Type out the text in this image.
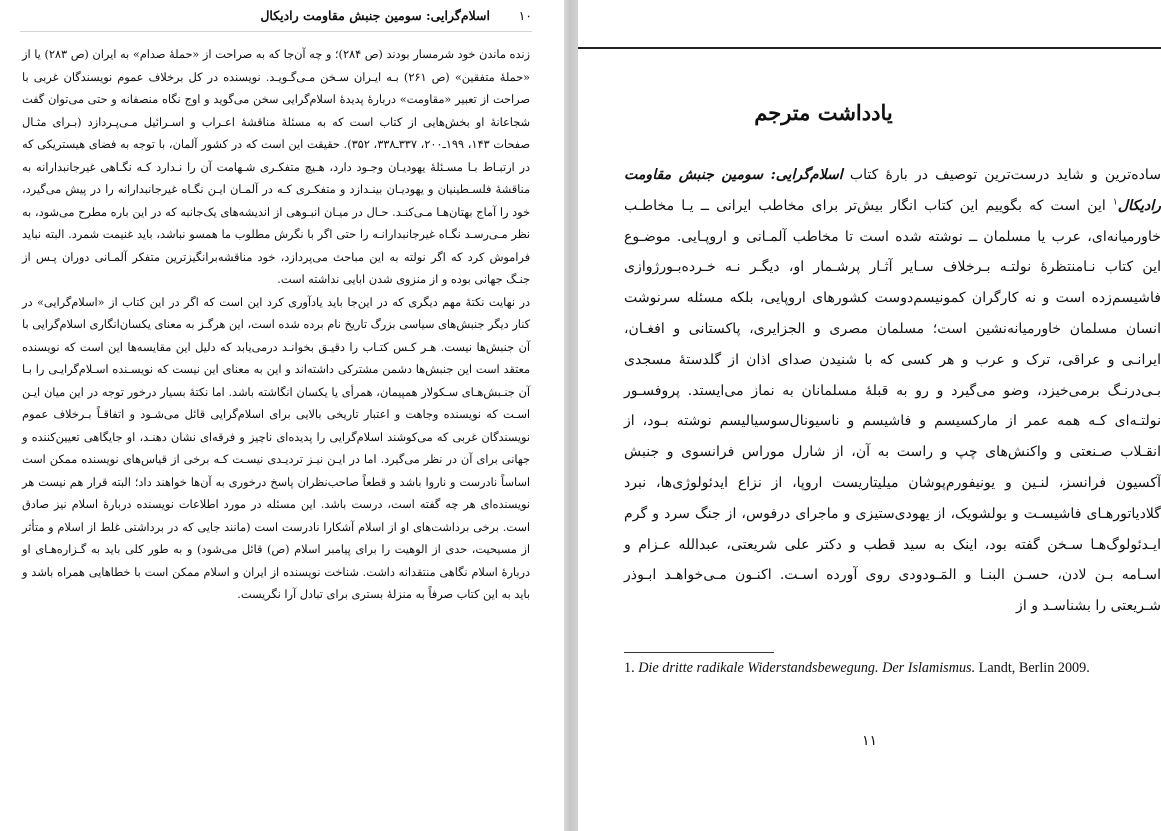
۱۰
اسلام‌گرایی: سومین جنبش مقاومت رادیکال

زنده ماندن خود شرمسار بودند (ص ۲۸۴)؛ و چه آن‌جا که به صراحت از «حملهٔ صدام» به ایران (ص ۲۸۳) یا از «حملهٔ متفقین» (ص ۲۶۱) بـه ایـران سـخن مـی‌گـویـد. نویسنده در کل برخلاف عموم نویسندگان غربی با صراحت از تعبیر «مقاومت» دربارهٔ پدیدهٔ اسلام‌گرایی سخن می‌گوید و اوج نگاه منصفانه و حتی می‌توان گفت شجاعانهٔ او بخش‌هایی از کتاب است که به مسئلهٔ مناقشهٔ اعـراب و اسـرائیل مـی‌پـردازد (بـرای مثـال صفحات ۱۴۳، ۱۹۹ـ۲۰۰، ۳۳۷ـ۳۳۸، ۳۵۲). حقیقت این است که در کشور آلمان، با توجه به فضای هیستریکی که در ارتبـاط بـا مسـئلهٔ یهودیـان وجـود دارد، هـیچ متفکـری شـهامت آن را نـدارد کـه نگـاهی غیرجانبدارانه به مناقشهٔ فلسـطینیان و یهودیـان بینـدازد و متفکـری کـه در آلمـان ایـن نگـاه غیرجانبدارانه را در پیش می‌گیرد، خود را آماج بهتان‌هـا مـی‌کنـد. حـال در میـان انبـوهی از اندیشه‌های یک‌جانبه که در این باره مطرح می‌شود، به نظر مـی‌رسـد نگـاه غیرجانبدارانـه را حتی اگر با نگرش مطلوب ما همسو نباشد، باید غنیمت شمرد. البته نباید فراموش کرد که اگر نولته به این مباحث می‌پردازد، خود مناقشه‌برانگیزترین متفکر آلمـانی دوران پـس از جنـگ جهانی بوده و از منزوی شدن ابایی نداشته است.

در نهایت نکتهٔ مهم دیگری که در این‌جا باید یادآوری کرد این است که اگر در این کتاب از «اسلام‌گرایی» در کنار دیگر جنبش‌های سیاسی بزرگ تاریخ نام برده شده است، این هرگـز به معنای یکسان‌انگاری اسلام‌گرایی با آن جنبش‌ها نیست. هـر کـس کتـاب را دقیـق بخوانـد درمی‌یابد که دلیل این مقایسه‌ها این است که نویسنده معتقد است این جنبش‌ها دشمن مشترکی داشته‌اند و این به معنای این نیست که نویسـنده اسـلام‌گرایـی را بـا آن جنـبش‌هـای سـکولار همپیمان، همرأی یا یکسان انگاشته باشد. اما نکتهٔ بسیار درخور توجه در این میان ایـن اسـت که نویسنده وجاهت و اعتبار تاریخی بالایی برای اسلام‌گرایی قائل می‌شـود و اتفاقـاً بـرخلاف عموم نویسندگان غربی که می‌کوشند اسلام‌گرایی را پدیده‌ای ناچیز و فرقه‌ای نشان دهنـد، او جایگاهی تعیین‌کننده و جهانی برای آن در نظر می‌گیرد. اما در ایـن نیـز تردیـدی نیسـت کـه برخی از قیاس‌های نویسنده ممکن است اساساً نادرست و ناروا باشد و قطعاً صاحب‌نظران پاسخ درخوری به آن‌ها خواهند داد؛ البته قرار هم نیست هر نویسنده‌ای هر چه گفته است، درست باشد. این مسئله در مورد اطلاعات نویسنده دربارهٔ اسلام نیز صادق است. برخی برداشت‌های او از اسلام آشکارا نادرست است (مانند جایی که در برداشتی غلط از اسلام و متأثر از مسیحیت، حدی از الوهیت را برای پیامبر اسلام (ص) قائل می‌شود) و به طور کلی باید به گـزاره‌هـای او دربارهٔ اسلام نگاهی منتقدانه داشت. شناخت نویسنده از ایران و اسلام ممکن است با خطاهایی همراه باشد و باید به این کتاب صرفاً به منزلهٔ بستری برای تبادل آرا نگریست.

یادداشت مترجم

ساده‌ترین و شاید درست‌ترین توصیف در بارهٔ کتاب اسلام‌گرایی: سومین جنبش مقاومت رادیکال$^۱$ این است که بگوییم این کتاب انگار بیش‌تر برای مخاطب ایرانی ــ یـا مخاطـب خاورمیانه‌ای، عرب یا مسلمان ــ نوشته شده است تا مخاطب آلمـانی و اروپـایی. موضـوع این کتاب نـامنتظرهٔ نولتـه بـرخلاف سـایر آثـار پرشـمار او، دیگـر نـه خـرده‌بـورژوازی فاشیسم‌زده است و نه کارگران کمونیسم‌دوست کشورهای اروپایی، بلکه مسئله سرنوشت انسان مسلمان خاورمیانه‌نشین است؛ مسلمان مصری و الجزایری، پاکستانی و افغـان، ایرانـی و عراقی، ترک و عرب و هر کسی که با شنیدن صدای اذان از گلدستهٔ مسجدی بـی‌درنـگ برمی‌خیزد، وضو می‌گیرد و رو به قبلهٔ مسلمانان به نماز می‌ایستد. پروفسـور نولتـه‌ای کـه همه عمر از مارکسیسم و فاشیسم و ناسیونال‌سوسیالیسم نوشته بـود، از انقـلاب صـنعتی و واکنش‌های چپ و راست به آن، از شارل موراس فرانسوی و جنبش آکسیون فرانسز، لنـین و یونیفورم‌پوشان میلیتاریست اروپا، از نزاع ایدئولوژی‌ها، نبرد گلادیاتورهـای فاشیسـت و بولشویک، از یهودی‌ستیزی و ماجرای درفوس، از جنگ سرد و گرم ایـدئولوگ‌هـا سـخن گفته بود، اینک به سید قطب و دکتر علی شریعتی، عبدالله عـزام و اسـامه بـن لادن، حسـن البنـا و المَـودودی روی آورده اسـت. اکنـون مـی‌خواهـد ابـوذر شـریعتی را بشناسـد و از

1. Die dritte radikale Widerstandsbewegung. Der Islamismus. Landt, Berlin 2009.
۱۱
